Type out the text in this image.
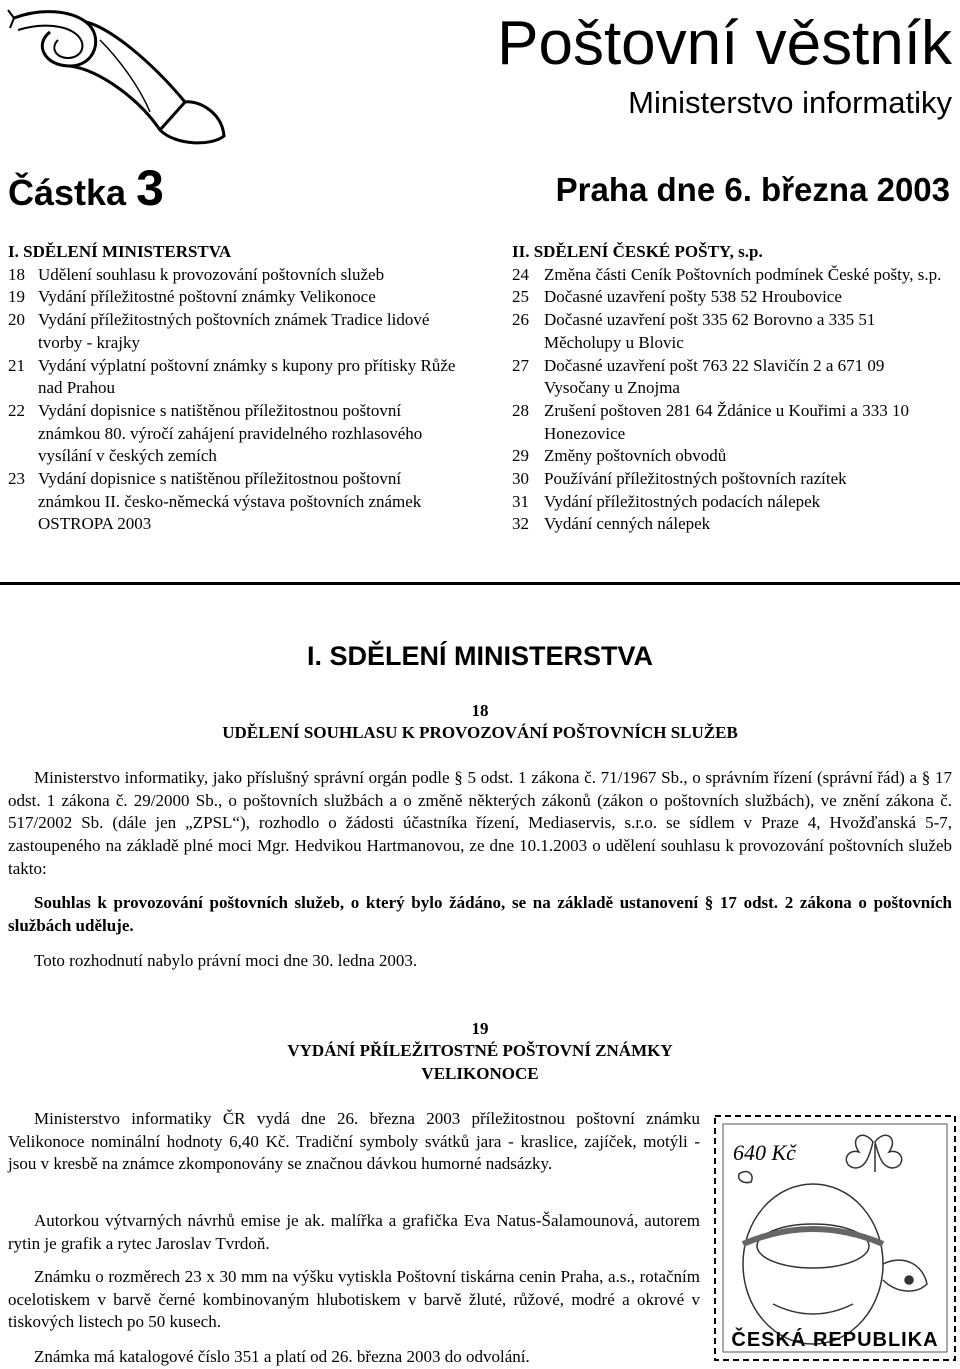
Poštovní věstník
Ministerstvo informatiky
Částka 3	Praha dne 6. března 2003
I. SDĚLENÍ MINISTERSTVA
18 Udělení souhlasu k provozování poštovních služeb
19 Vydání příležitostné poštovní známky Velikonoce
20 Vydání příležitostných poštovních známek Tradice lidové tvorby - krajky
21 Vydání výplatní poštovní známky s kupony pro přítisky Růže nad Prahou
22 Vydání dopisnice s natištěnou příležitostnou poštovní známkou 80. výročí zahájení pravidelného rozhlasového vysílání v českých zemích
23 Vydání dopisnice s natištěnou příležitostnou poštovní známkou II. česko-německá výstava poštovních známek OSTROPA 2003
II. SDĚLENÍ ČESKÉ POŠTY, s.p.
24 Změna části Ceník Poštovních podmínek České pošty, s.p.
25 Dočasné uzavření pošty 538 52 Hroubovice
26 Dočasné uzavření pošt 335 62 Borovno a 335 51 Měcholupy u Blovic
27 Dočasné uzavření pošt 763 22 Slavičín 2 a 671 09 Vysočany u Znojma
28 Zrušení poštoven 281 64 Ždánice u Kouřimi a 333 10 Honezovice
29 Změny poštovních obvodů
30 Používání příležitostných poštovních razítek
31 Vydání příležitostných podacích nálepek
32 Vydání cenných nálepek
I. SDĚLENÍ MINISTERSTVA
18
UDĚLENÍ SOUHLASU K PROVOZOVÁNÍ POŠTOVNÍCH SLUŽEB

Ministerstvo informatiky, jako příslušný správní orgán podle § 5 odst. 1 zákona č. 71/1967 Sb., o správním řízení (správní řád) a § 17 odst. 1 zákona č. 29/2000 Sb., o poštovních službách a o změně některých zákonů (zákon o poštovních službách), ve znění zákona č. 517/2002 Sb. (dále jen „ZPSL“), rozhodlo o žádosti účastníka řízení, Mediaservis, s.r.o. se sídlem v Praze 4, Hvožďanská 5-7, zastoupeného na základě plné moci Mgr. Hedvikou Hartmanovou, ze dne 10.1.2003 o udělení souhlasu k provozování poštovních služeb takto:

Souhlas k provozování poštovních služeb, o který bylo žádáno, se na základě ustanovení § 17 odst. 2 zákona o poštovních službách uděluje.

Toto rozhodnutí nabylo právní moci dne 30. ledna 2003.

19
VYDÁNÍ PŘÍLEŽITOSTNÉ POŠTOVNÍ ZNÁMKY
VELIKONOCE

Ministerstvo informatiky ČR vydá dne 26. března 2003 příležitostnou poštovní známku Velikonoce nominální hodnoty 6,40 Kč. Tradiční symboly svátků jara - kraslice, zajíček, motýli - jsou v kresbě na známce zkomponovány se značnou dávkou humorné nadsázky.

Autorkou výtvarných návrhů emise je ak. malířka a grafička Eva Natus-Šalamounová, autorem rytin je grafik a rytec Jaroslav Tvrdoň.

Známku o rozměrech 23 x 30 mm na výšku vytiskla Poštovní tiskárna cenin Praha, a.s., rotačním ocelotiskem v barvě černé kombinovaným hlubotiskem v barvě žluté, růžové, modré a okrové v tiskových listech po 50 kusech.

Známka má katalogové číslo 351 a platí od 26. března 2003 do odvolání.

640 Kč
ČESKÁ REPUBLIKA
